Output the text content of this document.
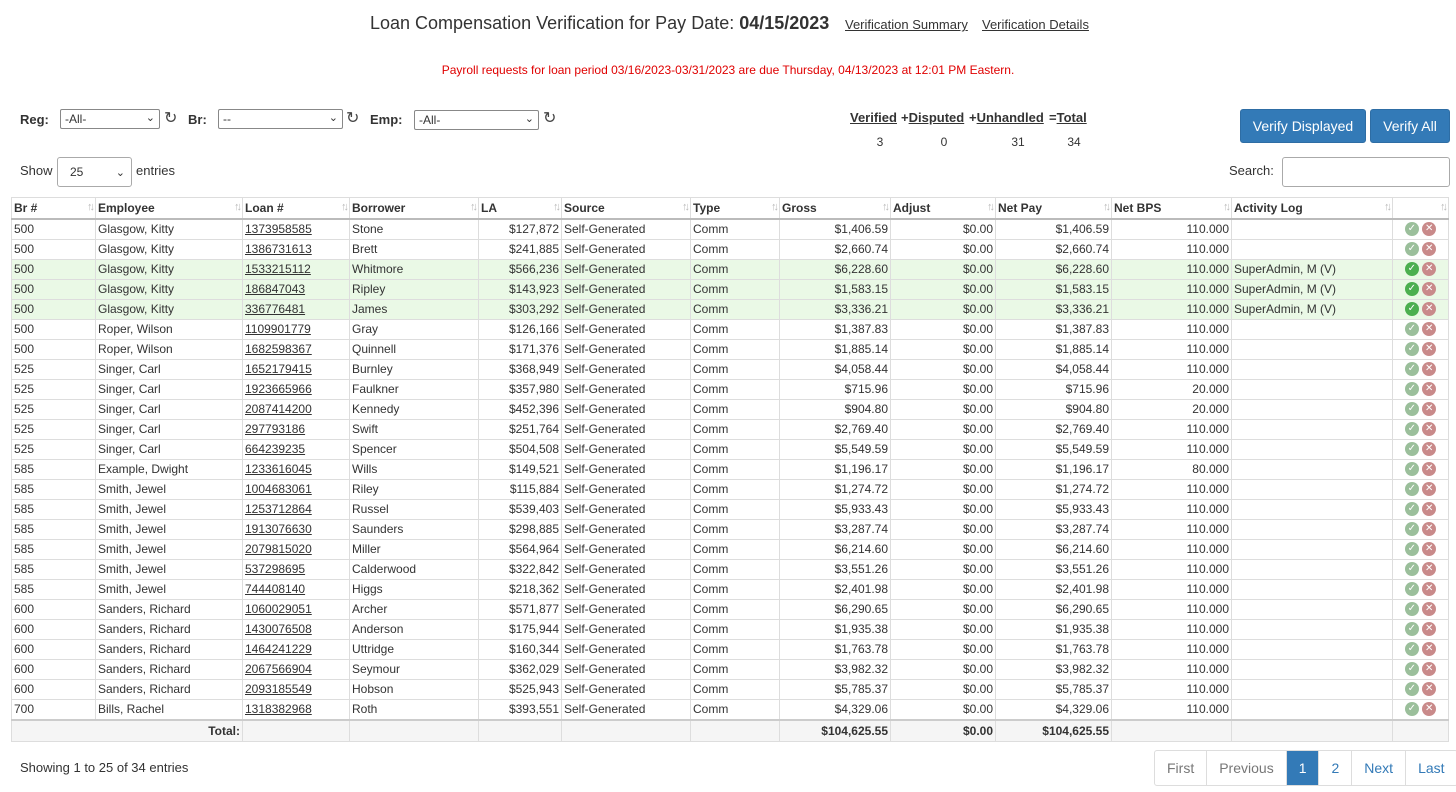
Loan Compensation Verification for Pay Date: 04/15/2023 Verification Summary Verification Details
Payroll requests for loan period 03/16/2023-03/31/2023 are due Thursday, 04/13/2023 at 12:01 PM Eastern.
Reg:	-All-	⌄ ↻ Br:	--	⌄ ↻ Emp:	-All-	⌄ ↻	Verified +Disputed +Unhandled =Total
3	0	31	34
Verify Displayed	Verify All
Show	25	⌄ entries	Search:
Br # ↑↓	Employee ↑↓	Loan # ↑↓	Borrower ↑↓	LA ↑↓	Source ↑↓	Type ↑↓	Gross ↑↓	Adjust ↑↓	Net Pay ↑↓	Net BPS ↑↓	Activity Log ↑↓	↑↓

500	Glasgow, Kitty	1373958585	Stone	$127,872	Self-Generated	Comm	$1,406.59	$0.00	$1,406.59	110.000		✓ ✕
500	Glasgow, Kitty	1386731613	Brett	$241,885	Self-Generated	Comm	$2,660.74	$0.00	$2,660.74	110.000		✓ ✕
500	Glasgow, Kitty	1533215112	Whitmore	$566,236	Self-Generated	Comm	$6,228.60	$0.00	$6,228.60	110.000	SuperAdmin, M (V)	✓ ✕
500	Glasgow, Kitty	186847043	Ripley	$143,923	Self-Generated	Comm	$1,583.15	$0.00	$1,583.15	110.000	SuperAdmin, M (V)	✓ ✕
500	Glasgow, Kitty	336776481	James	$303,292	Self-Generated	Comm	$3,336.21	$0.00	$3,336.21	110.000	SuperAdmin, M (V)	✓ ✕
500	Roper, Wilson	1109901779	Gray	$126,166	Self-Generated	Comm	$1,387.83	$0.00	$1,387.83	110.000		✓ ✕
500	Roper, Wilson	1682598367	Quinnell	$171,376	Self-Generated	Comm	$1,885.14	$0.00	$1,885.14	110.000		✓ ✕
525	Singer, Carl	1652179415	Burnley	$368,949	Self-Generated	Comm	$4,058.44	$0.00	$4,058.44	110.000		✓ ✕
525	Singer, Carl	1923665966	Faulkner	$357,980	Self-Generated	Comm	$715.96	$0.00	$715.96	20.000		✓ ✕
525	Singer, Carl	2087414200	Kennedy	$452,396	Self-Generated	Comm	$904.80	$0.00	$904.80	20.000		✓ ✕
525	Singer, Carl	297793186	Swift	$251,764	Self-Generated	Comm	$2,769.40	$0.00	$2,769.40	110.000		✓ ✕
525	Singer, Carl	664239235	Spencer	$504,508	Self-Generated	Comm	$5,549.59	$0.00	$5,549.59	110.000		✓ ✕
585	Example, Dwight	1233616045	Wills	$149,521	Self-Generated	Comm	$1,196.17	$0.00	$1,196.17	80.000		✓ ✕
585	Smith, Jewel	1004683061	Riley	$115,884	Self-Generated	Comm	$1,274.72	$0.00	$1,274.72	110.000		✓ ✕
585	Smith, Jewel	1253712864	Russel	$539,403	Self-Generated	Comm	$5,933.43	$0.00	$5,933.43	110.000		✓ ✕
585	Smith, Jewel	1913076630	Saunders	$298,885	Self-Generated	Comm	$3,287.74	$0.00	$3,287.74	110.000		✓ ✕
585	Smith, Jewel	2079815020	Miller	$564,964	Self-Generated	Comm	$6,214.60	$0.00	$6,214.60	110.000		✓ ✕
585	Smith, Jewel	537298695	Calderwood	$322,842	Self-Generated	Comm	$3,551.26	$0.00	$3,551.26	110.000		✓ ✕
585	Smith, Jewel	744408140	Higgs	$218,362	Self-Generated	Comm	$2,401.98	$0.00	$2,401.98	110.000		✓ ✕
600	Sanders, Richard	1060029051	Archer	$571,877	Self-Generated	Comm	$6,290.65	$0.00	$6,290.65	110.000		✓ ✕
600	Sanders, Richard	1430076508	Anderson	$175,944	Self-Generated	Comm	$1,935.38	$0.00	$1,935.38	110.000		✓ ✕
600	Sanders, Richard	1464241229	Uttridge	$160,344	Self-Generated	Comm	$1,763.78	$0.00	$1,763.78	110.000		✓ ✕
600	Sanders, Richard	2067566904	Seymour	$362,029	Self-Generated	Comm	$3,982.32	$0.00	$3,982.32	110.000		✓ ✕
600	Sanders, Richard	2093185549	Hobson	$525,943	Self-Generated	Comm	$5,785.37	$0.00	$5,785.37	110.000		✓ ✕
700	Bills, Rachel	1318382968	Roth	$393,551	Self-Generated	Comm	$4,329.06	$0.00	$4,329.06	110.000		✓ ✕
Total:							$104,625.55	$0.00	$104,625.55			
Showing 1 to 25 of 34 entries	First	Previous	1	2	Next	Last
